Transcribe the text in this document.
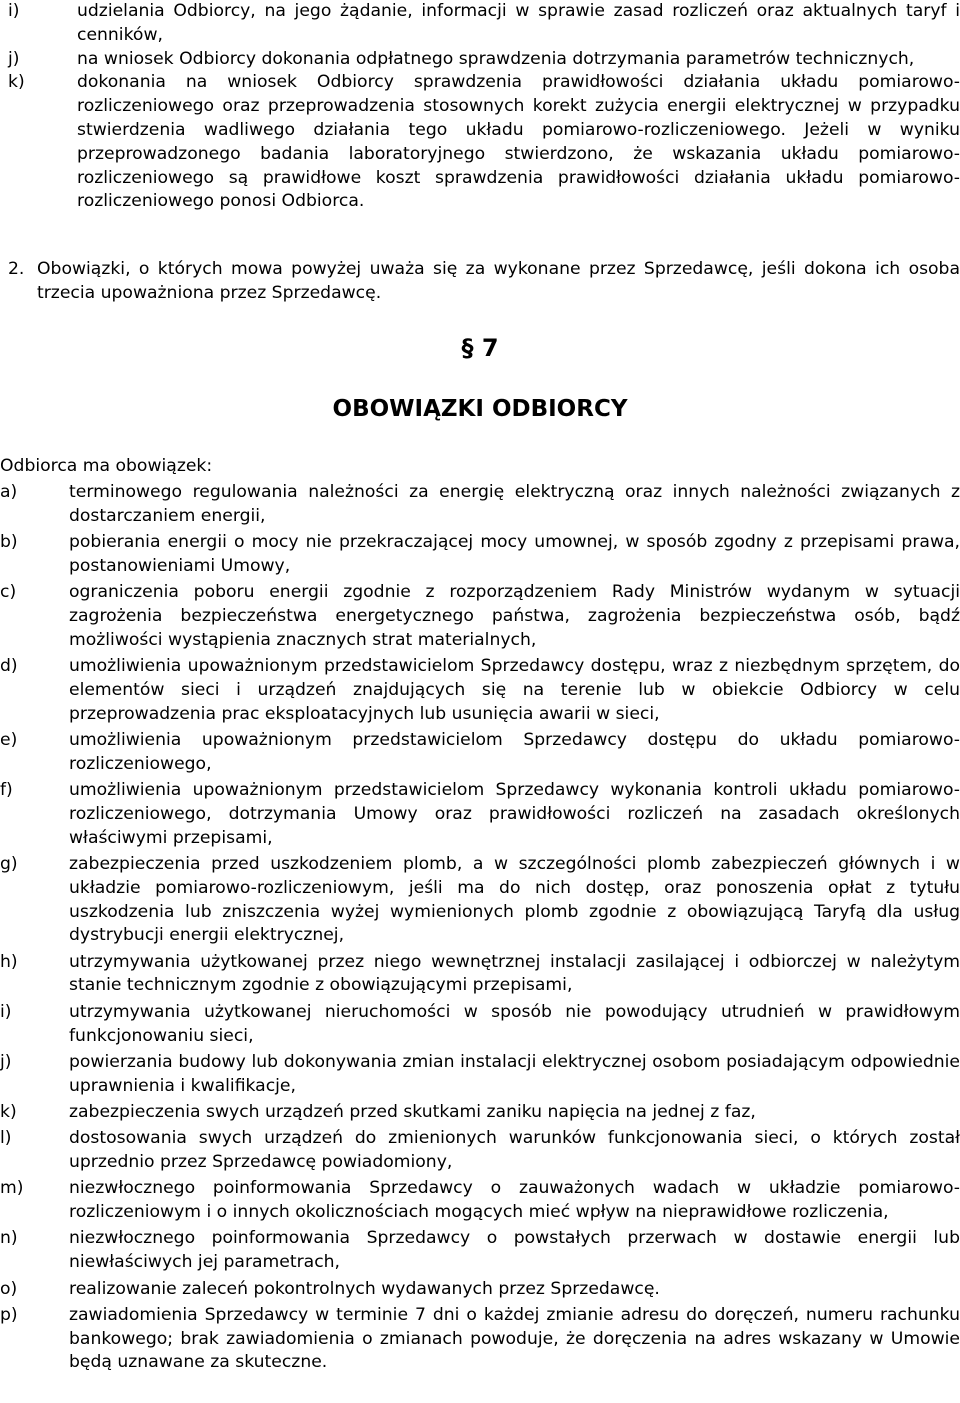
i)	udzielania Odbiorcy, na jego żądanie, informacji w sprawie zasad rozliczeń oraz aktualnych taryf i cenników,
j)	na wniosek Odbiorcy dokonania odpłatnego sprawdzenia dotrzymania parametrów technicznych,
k)	dokonania na wniosek Odbiorcy sprawdzenia prawidłowości działania układu pomiarowo-rozliczeniowego oraz przeprowadzenia stosownych korekt zużycia energii elektrycznej w przypadku stwierdzenia wadliwego działania tego układu pomiarowo-rozliczeniowego. Jeżeli w wyniku przeprowadzonego badania laboratoryjnego stwierdzono, że wskazania układu pomiarowo-rozliczeniowego są prawidłowe koszt sprawdzenia prawidłowości działania układu pomiarowo-rozliczeniowego ponosi Odbiorca.
2. Obowiązki, o których mowa powyżej uważa się za wykonane przez Sprzedawcę, jeśli dokona ich osoba trzecia upoważniona przez Sprzedawcę.
§ 7
OBOWIĄZKI ODBIORCY
Odbiorca ma obowiązek:
a)	terminowego regulowania należności za energię elektryczną oraz innych należności związanych z dostarczaniem energii,
b)	pobierania energii o mocy nie przekraczającej mocy umownej, w sposób zgodny z przepisami prawa, postanowieniami Umowy,
c)	ograniczenia poboru energii zgodnie z rozporządzeniem Rady Ministrów wydanym w sytuacji zagrożenia bezpieczeństwa energetycznego państwa, zagrożenia bezpieczeństwa osób, bądź możliwości wystąpienia znacznych strat materialnych,
d)	umożliwienia upoważnionym przedstawicielom Sprzedawcy dostępu, wraz z niezbędnym sprzętem, do elementów sieci i urządzeń znajdujących się na terenie lub w obiekcie Odbiorcy w celu przeprowadzenia prac eksploatacyjnych lub usunięcia awarii w sieci,
e)	umożliwienia upoważnionym przedstawicielom Sprzedawcy dostępu do układu pomiarowo-rozliczeniowego,
f)	umożliwienia upoważnionym przedstawicielom Sprzedawcy wykonania kontroli układu pomiarowo-rozliczeniowego, dotrzymania Umowy oraz prawidłowości rozliczeń na zasadach określonych właściwymi przepisami,
g)	zabezpieczenia przed uszkodzeniem plomb, a w szczególności plomb zabezpieczeń głównych i w układzie pomiarowo-rozliczeniowym, jeśli ma do nich dostęp, oraz ponoszenia opłat z tytułu uszkodzenia lub zniszczenia wyżej wymienionych plomb zgodnie z obowiązującą Taryfą dla usług dystrybucji energii elektrycznej,
h)	utrzymywania użytkowanej przez niego wewnętrznej instalacji zasilającej i odbiorczej w należytym stanie technicznym zgodnie z obowiązującymi przepisami,
i)	utrzymywania użytkowanej nieruchomości w sposób nie powodujący utrudnień w prawidłowym funkcjonowaniu sieci,
j)	powierzania budowy lub dokonywania zmian instalacji elektrycznej osobom posiadającym odpowiednie uprawnienia i kwalifikacje,
k)	zabezpieczenia swych urządzeń przed skutkami zaniku napięcia na jednej z faz,
l)	dostosowania swych urządzeń do zmienionych warunków funkcjonowania sieci, o których został uprzednio przez Sprzedawcę powiadomiony,
m)	niezwłocznego poinformowania Sprzedawcy o zauważonych wadach w układzie pomiarowo-rozliczeniowym i o innych okolicznościach mogących mieć wpływ na nieprawidłowe rozliczenia,
n)	niezwłocznego poinformowania Sprzedawcy o powstałych przerwach w dostawie energii lub niewłaściwych jej parametrach,
o)	realizowanie zaleceń pokontrolnych wydawanych przez Sprzedawcę.
p)	zawiadomienia Sprzedawcy w terminie 7 dni o każdej zmianie adresu do doręczeń, numeru rachunku bankowego; brak zawiadomienia o zmianach powoduje, że doręczenia na adres wskazany w Umowie będą uznawane za skuteczne.
